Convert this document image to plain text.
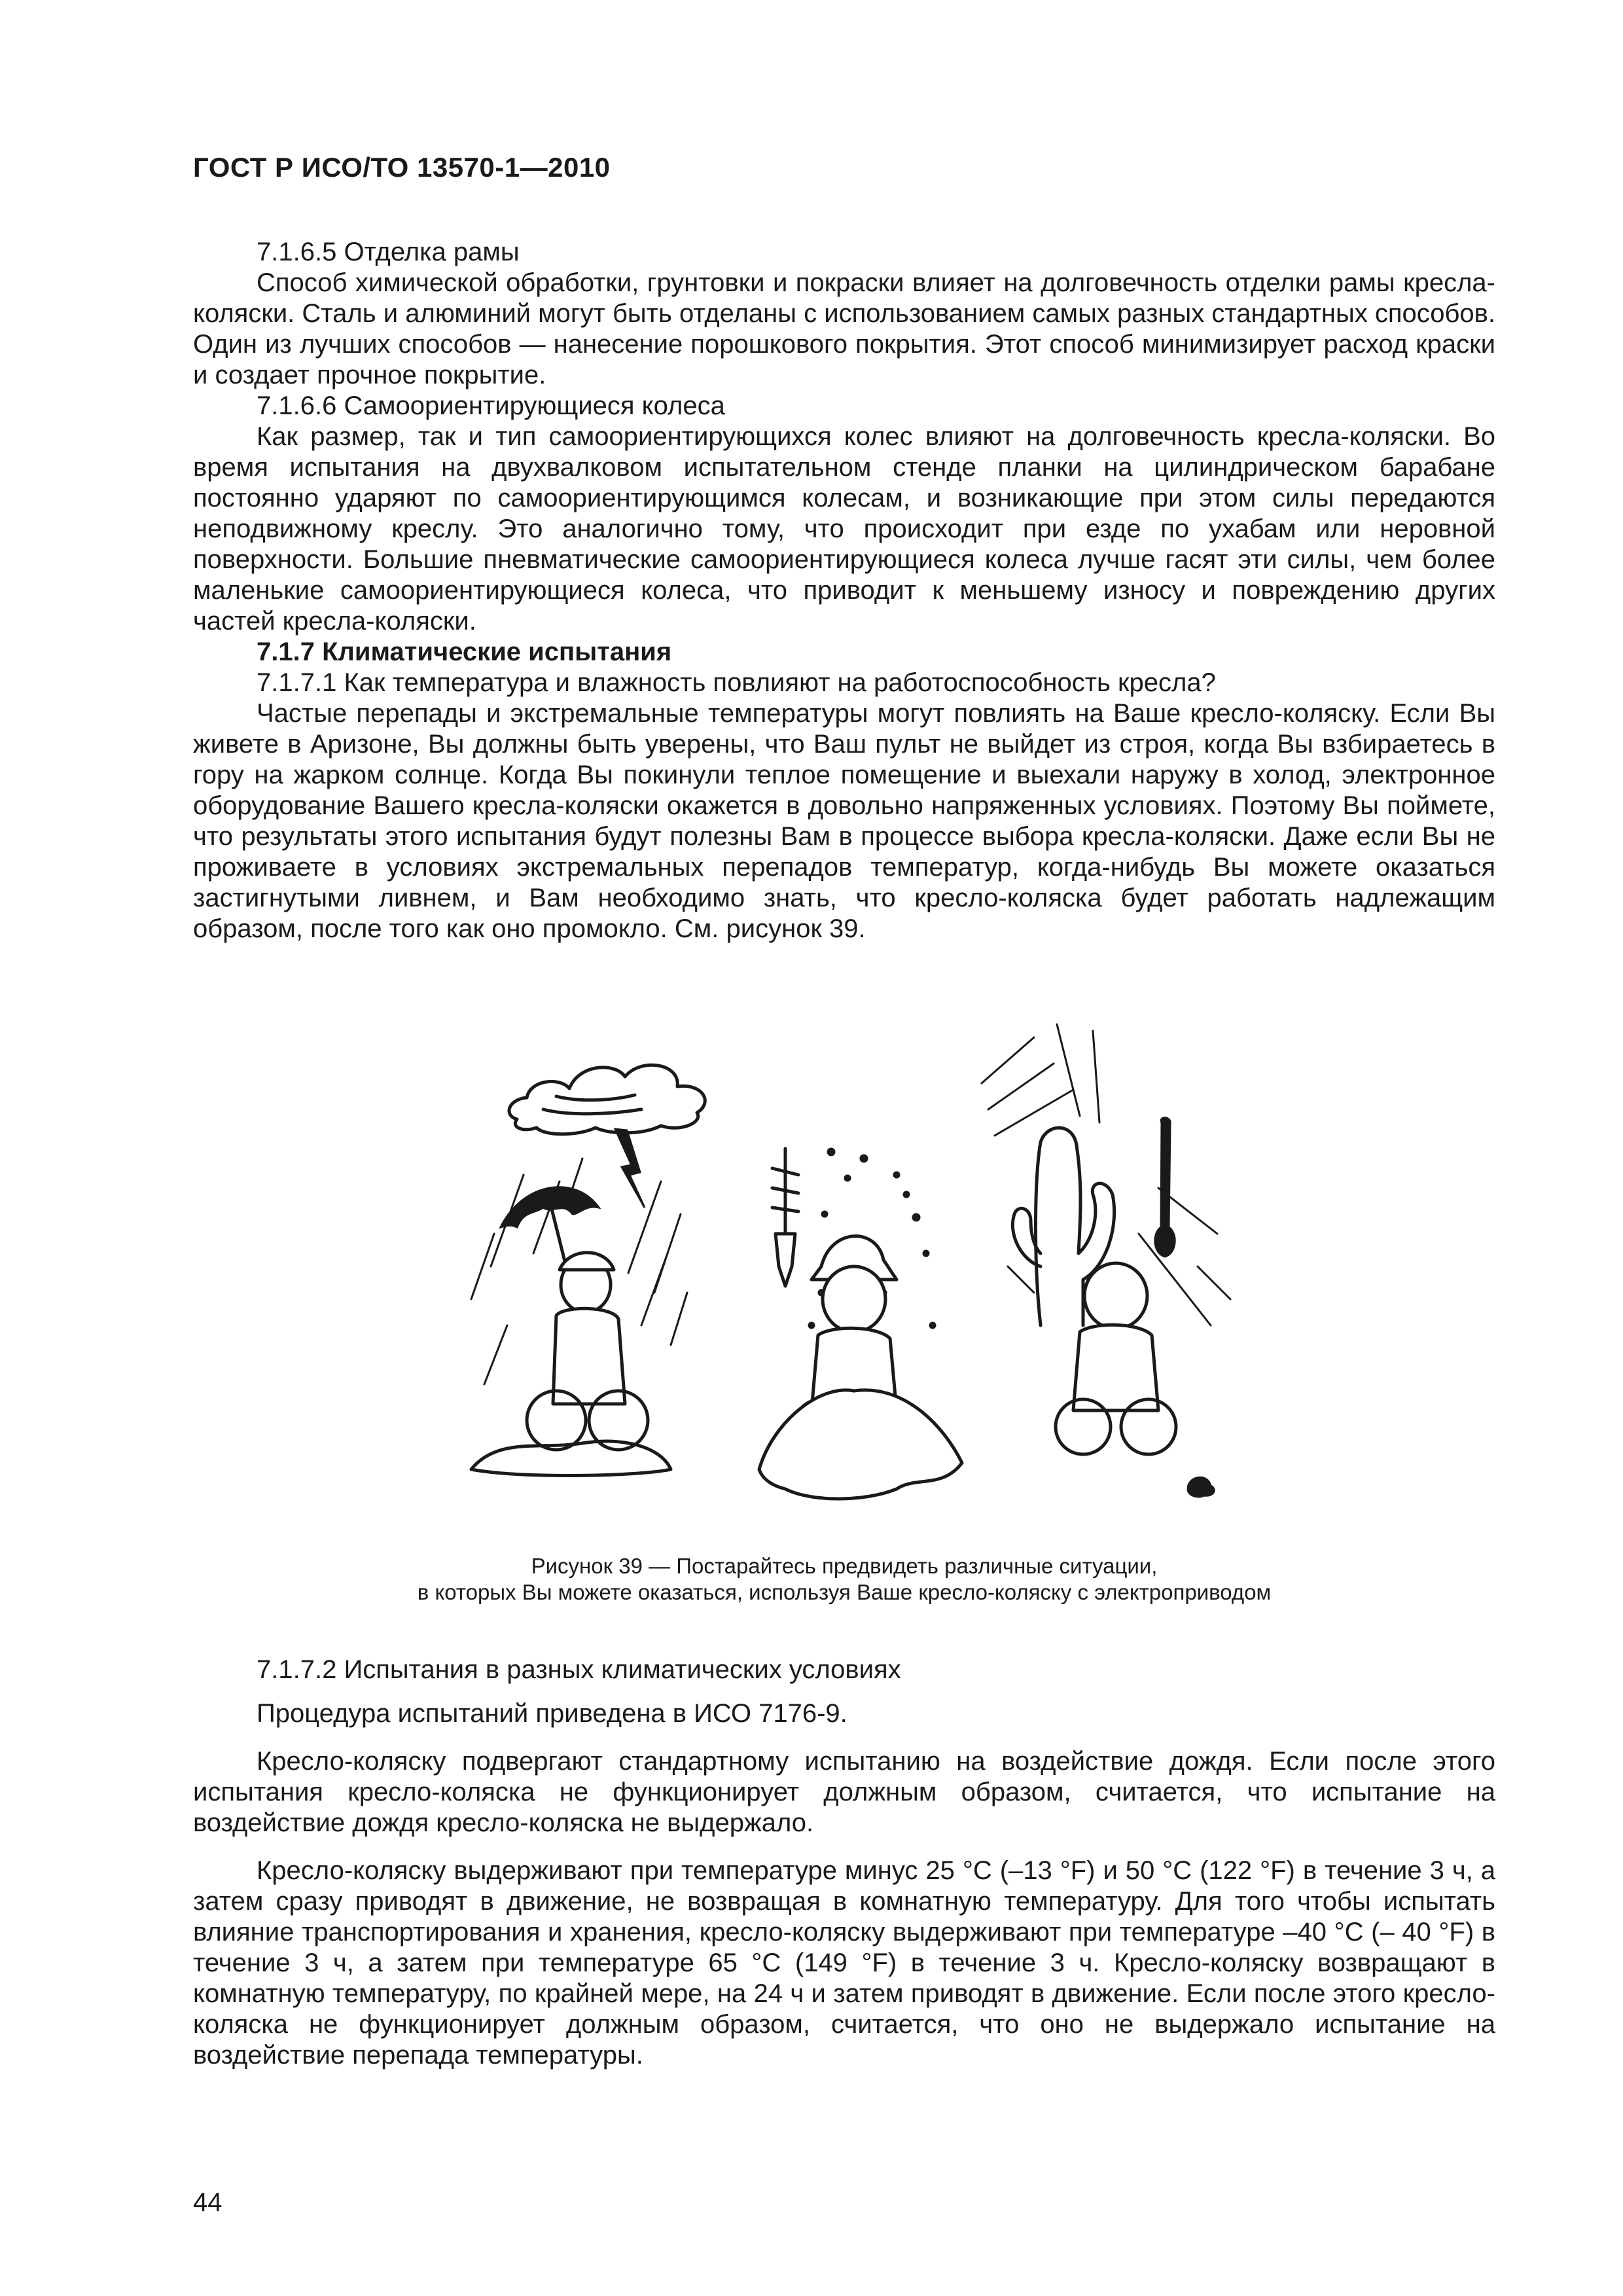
ГОСТ Р ИСО/ТО 13570-1—2010

7.1.6.5 Отделка рамы

Способ химической обработки, грунтовки и покраски влияет на долговечность отделки рамы кресла-коляски. Сталь и алюминий могут быть отделаны с использованием самых разных стандартных способов. Один из лучших способов — нанесение порошкового покрытия. Этот способ минимизирует расход краски и создает прочное покрытие.

7.1.6.6 Самоориентирующиеся колеса

Как размер, так и тип самоориентирующихся колес влияют на долговечность кресла-коляски. Во время испытания на двухвалковом испытательном стенде планки на цилиндрическом барабане постоянно ударяют по самоориентирующимся колесам, и возникающие при этом силы передаются неподвижному креслу. Это аналогично тому, что происходит при езде по ухабам или неровной поверхности. Большие пневматические самоориентирующиеся колеса лучше гасят эти силы, чем более маленькие самоориентирующиеся колеса, что приводит к меньшему износу и повреждению других частей кресла-коляски.

7.1.7 Климатические испытания

7.1.7.1 Как температура и влажность повлияют на работоспособность кресла?

Частые перепады и экстремальные температуры могут повлиять на Ваше кресло-коляску. Если Вы живете в Аризоне, Вы должны быть уверены, что Ваш пульт не выйдет из строя, когда Вы взбираетесь в гору на жарком солнце. Когда Вы покинули теплое помещение и выехали наружу в холод, электронное оборудование Вашего кресла-коляски окажется в довольно напряженных условиях. Поэтому Вы поймете, что результаты этого испытания будут полезны Вам в процессе выбора кресла-коляски. Даже если Вы не проживаете в условиях экстремальных перепадов температур, когда-нибудь Вы можете оказаться застигнутыми ливнем, и Вам необходимо знать, что кресло-коляска будет работать надлежащим образом, после того как оно промокло. См. рисунок 39.

Рисунок 39 — Постарайтесь предвидеть различные ситуации,
в которых Вы можете оказаться, используя Ваше кресло-коляску с электроприводом

7.1.7.2 Испытания в разных климатических условиях

Процедура испытаний приведена в ИСО 7176-9.

Кресло-коляску подвергают стандартному испытанию на воздействие дождя. Если после этого испытания кресло-коляска не функционирует должным образом, считается, что испытание на воздействие дождя кресло-коляска не выдержало.

Кресло-коляску выдерживают при температуре минус 25 °С (–13 °F) и 50 °С (122 °F) в течение 3 ч, а затем сразу приводят в движение, не возвращая в комнатную температуру. Для того чтобы испытать влияние транспортирования и хранения, кресло-коляску выдерживают при температуре –40 °С (– 40 °F) в течение 3 ч, а затем при температуре 65 °С (149 °F) в течение 3 ч. Кресло-коляску возвращают в комнатную температуру, по крайней мере, на 24 ч и затем приводят в движение. Если после этого кресло-коляска не функционирует должным образом, считается, что оно не выдержало испытание на воздействие перепада температуры.

44
